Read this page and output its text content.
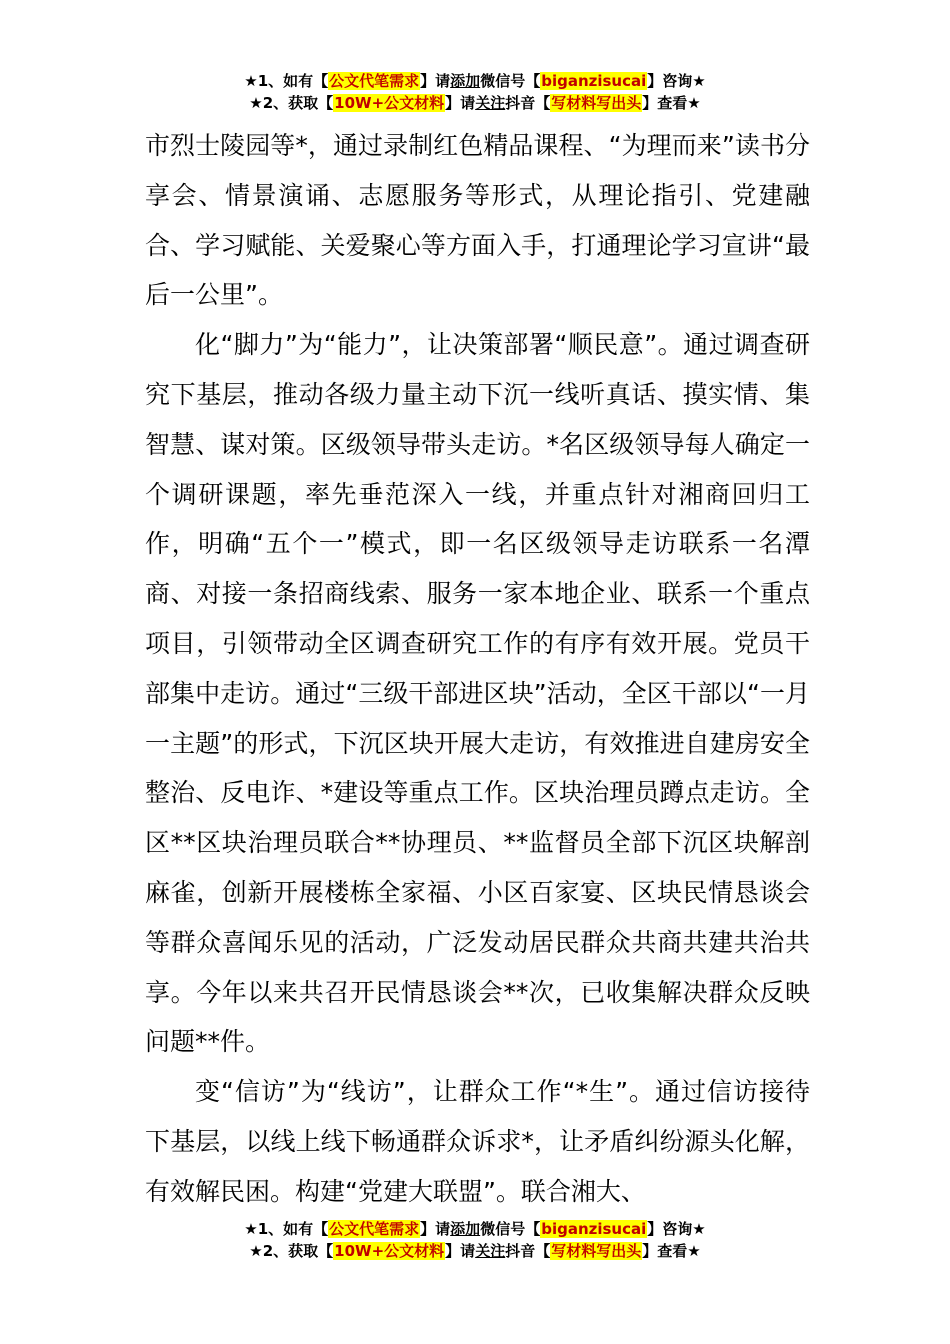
★1、如有【公文代笔需求】请添加微信号【biganzisucai】咨询★
★2、获取【10W+公文材料】请关注抖音【写材料写出头】查看★

市烈士陵园等*，通过录制红色精品课程、“为理而来”读书分享会、情景演诵、志愿服务等形式，从理论指引、党建融合、学习赋能、关爱聚心等方面入手，打通理论学习宣讲“最后一公里”。

化“脚力”为“能力”，让决策部署“顺民意”。通过调查研究下基层，推动各级力量主动下沉一线听真话、摸实情、集智慧、谋对策。区级领导带头走访。*名区级领导每人确定一个调研课题，率先垂范深入一线，并重点针对湘商回归工作，明确“五个一”模式，即一名区级领导走访联系一名潭商、对接一条招商线索、服务一家本地企业、联系一个重点项目，引领带动全区调查研究工作的有序有效开展。党员干部集中走访。通过“三级干部进区块”活动，全区干部以“一月一主题”的形式，下沉区块开展大走访，有效推进自建房安全整治、反电诈、*建设等重点工作。区块治理员蹲点走访。全区**区块治理员联合**协理员、**监督员全部下沉区块解剖麻雀，创新开展楼栋全家福、小区百家宴、区块民情恳谈会等群众喜闻乐见的活动，广泛发动居民群众共商共建共治共享。今年以来共召开民情恳谈会**次，已收集解决群众反映问题**件。

变“信访”为“线访”，让群众工作“*生”。通过信访接待下基层，以线上线下畅通群众诉求*，让矛盾纠纷源头化解，有效解民困。构建“党建大联盟”。联合湘大、

★1、如有【公文代笔需求】请添加微信号【biganzisucai】咨询★
★2、获取【10W+公文材料】请关注抖音【写材料写出头】查看★
